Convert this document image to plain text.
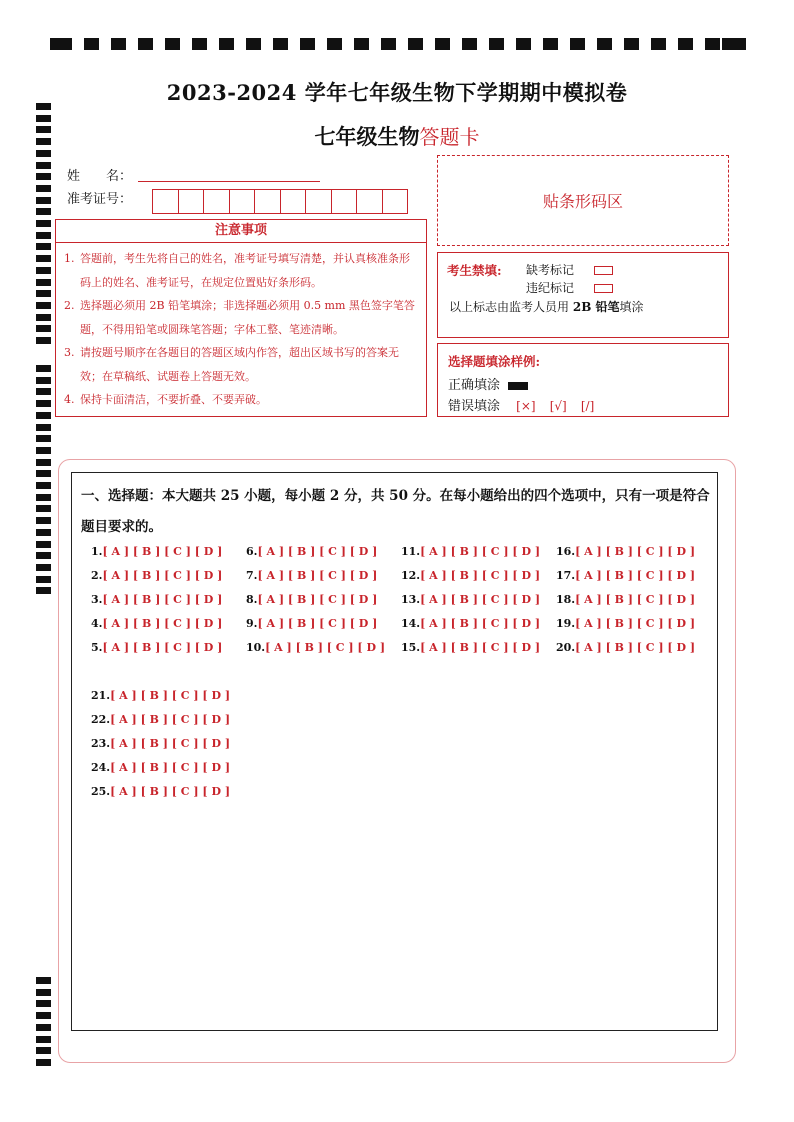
2023-2024 学年七年级生物下学期期中模拟卷
七年级生物答题卡
姓　　名：
准考证号：	贴条形码区
注意事项
1. 答题前，考生先将自己的姓名，准考证号填写清楚，并认真核准条形码上的姓名、准考证号，在规定位置贴好条形码。
2. 选择题必须用 2B 铅笔填涂；非选择题必须用 0.5 mm 黑色签字笔答题，不得用铅笔或圆珠笔答题；字体工整、笔迹清晰。
3. 请按题号顺序在各题目的答题区域内作答，超出区域书写的答案无效；在草稿纸、试题卷上答题无效。
4. 保持卡面清洁，不要折叠、不要弄破。
考生禁填: 缺考标记
违纪标记
以上标志由监考人员用 2B 铅笔填涂
选择题填涂样例:
正确填涂
错误填涂 [×] [√] [/]
一、选择题：本大题共 25 小题，每小题 2 分，共 50 分。在每小题给出的四个选项中，只有一项是符合
题目要求的。
1.[ A ] [ B ] [ C ] [ D ]
2.[ A ] [ B ] [ C ] [ D ]
3.[ A ] [ B ] [ C ] [ D ]
4.[ A ] [ B ] [ C ] [ D ]
5.[ A ] [ B ] [ C ] [ D ]
6.[ A ] [ B ] [ C ] [ D ]
7.[ A ] [ B ] [ C ] [ D ]
8.[ A ] [ B ] [ C ] [ D ]
9.[ A ] [ B ] [ C ] [ D ]
10.[ A ] [ B ] [ C ] [ D ]
11.[ A ] [ B ] [ C ] [ D ]
12.[ A ] [ B ] [ C ] [ D ]
13.[ A ] [ B ] [ C ] [ D ]
14.[ A ] [ B ] [ C ] [ D ]
15.[ A ] [ B ] [ C ] [ D ]
16.[ A ] [ B ] [ C ] [ D ]
17.[ A ] [ B ] [ C ] [ D ]
18.[ A ] [ B ] [ C ] [ D ]
19.[ A ] [ B ] [ C ] [ D ]
20.[ A ] [ B ] [ C ] [ D ]
21.[ A ] [ B ] [ C ] [ D ]
22.[ A ] [ B ] [ C ] [ D ]
23.[ A ] [ B ] [ C ] [ D ]
24.[ A ] [ B ] [ C ] [ D ]
25.[ A ] [ B ] [ C ] [ D ]
